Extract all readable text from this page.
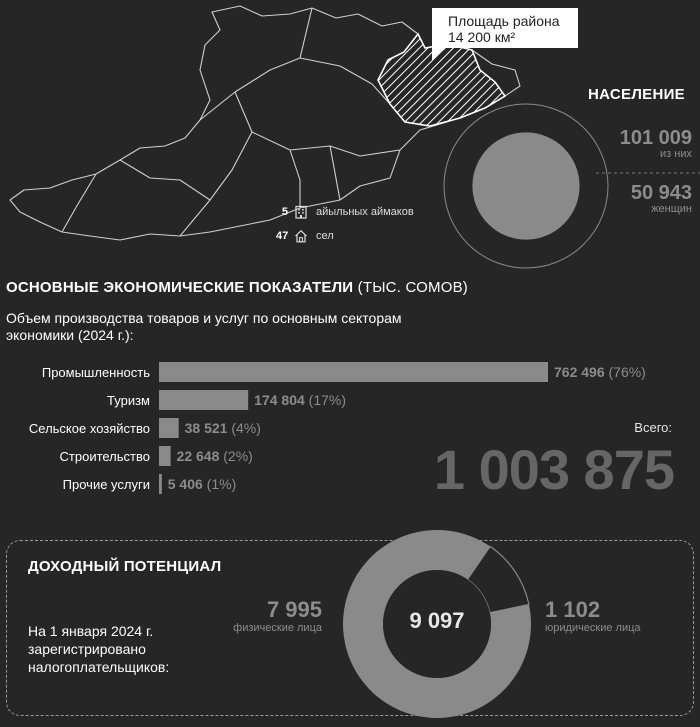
Площадь района
14 200 км²
5	айыльных аймаков
47	сел
НАСЕЛЕНИЕ
101 009
из них
50 943
женщин
ОСНОВНЫЕ ЭКОНОМИЧЕСКИЕ ПОКАЗАТЕЛИ (ТЫС. СОМОВ)
Объем производства товаров и услуг по основным секторам экономики (2024 г.):
Промышленность	762 496 (76%)
Туризм	174 804 (17%)
Сельское хозяйство 38 521 (4%)
Строительство 22 648 (2%)
Прочие услуги 5 406 (1%)
Всего:
1 003 875
ДОХОДНЫЙ ПОТЕНЦИАЛ
На 1 января 2024 г. зарегистрировано налогоплательщиков:
7 995
физические лица
1 102
юридические лица
9 097
